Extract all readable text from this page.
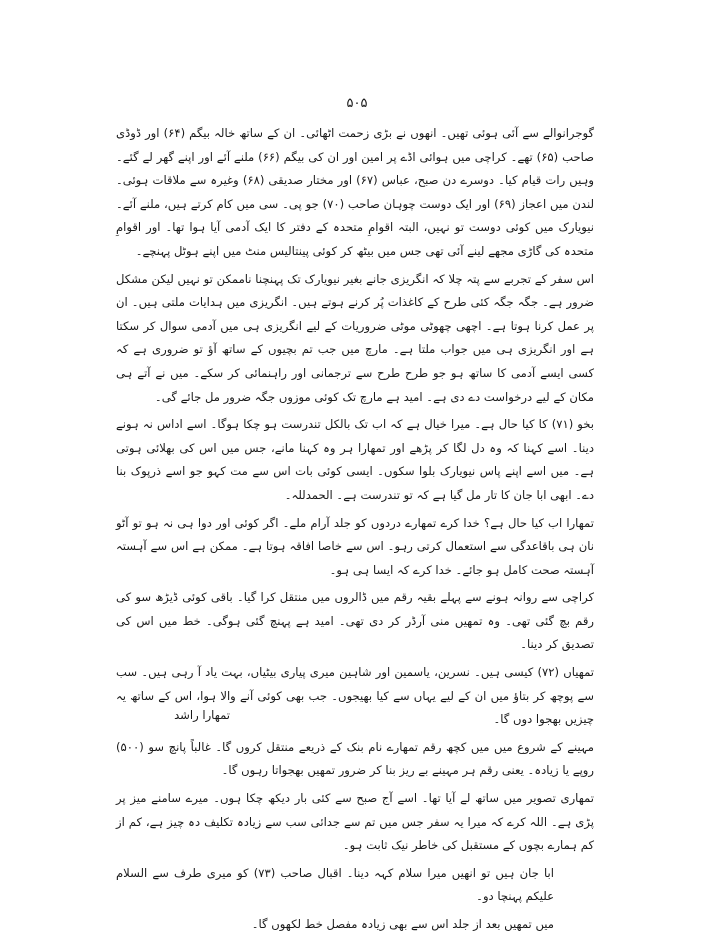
۵۰۵

گوجرانوالے سے آئی ہوئی تھیں۔ انھوں نے بڑی زحمت اٹھائی۔ ان کے ساتھ خالہ بیگم (۶۴) اور ڈوڈی صاحب (۶۵) تھے۔ کراچی میں ہوائی اڈے پر امین اور ان کی بیگم (۶۶) ملنے آئے اور اپنے گھر لے گئے۔ وہیں رات قیام کیا۔ دوسرے دن صبح، عباس (۶۷) اور مختار صدیقی (۶۸) وغیرہ سے ملاقات ہوئی۔ لندن میں اعجاز (۶۹) اور ایک دوست چوہان صاحب (۷۰) جو پی۔ سی میں کام کرتے ہیں، ملنے آئے۔ نیویارک میں کوئی دوست تو نہیں، البتہ اقوامِ متحدہ کے دفتر کا ایک آدمی آیا ہوا تھا۔ اور اقوامِ متحدہ کی گاڑی مجھے لینے آئی تھی جس میں بیٹھ کر کوئی پینتالیس منٹ میں اپنے ہوٹل پہنچے۔

اس سفر کے تجربے سے پتہ چلا کہ انگریزی جانے بغیر نیویارک تک پہنچنا ناممکن تو نہیں لیکن مشکل ضرور ہے۔ جگہ جگہ کئی طرح کے کاغذات پُر کرنے ہوتے ہیں۔ انگریزی میں ہدایات ملتی ہیں۔ ان پر عمل کرنا ہوتا ہے۔ اچھی چھوٹی موٹی ضروریات کے لیے انگریزی ہی میں آدمی سوال کر سکتا ہے اور انگریزی ہی میں جواب ملتا ہے۔ مارچ میں جب تم بچیوں کے ساتھ آؤ تو ضروری ہے کہ کسی ایسے آدمی کا ساتھ ہو جو طرح طرح سے ترجمانی اور راہنمائی کر سکے۔ میں نے آتے ہی مکان کے لیے درخواست دے دی ہے۔ امید ہے مارچ تک کوئی موزوں جگہ ضرور مل جائے گی۔

بخو (۷۱) کا کیا حال ہے۔ میرا خیال ہے کہ اب تک بالکل تندرست ہو چکا ہوگا۔ اسے اداس نہ ہونے دینا۔ اسے کہنا کہ وہ دل لگا کر پڑھے اور تمھارا ہر وہ کہنا مانے، جس میں اس کی بھلائی ہوتی ہے۔ میں اسے اپنے پاس نیویارک بلوا سکوں۔ ایسی کوئی بات اس سے مت کہو جو اسے ذرپوک بنا دے۔ ابھی ابا جان کا تار مل گیا ہے کہ تو تندرست ہے۔ الحمدللہ۔

تمھارا اب کیا حال ہے؟ خدا کرے تمھارے دردوں کو جلد آرام ملے۔ اگر کوئی اور دوا ہی نہ ہو تو آٹو نان ہی باقاعدگی سے استعمال کرتی رہو۔ اس سے خاصا افاقہ ہوتا ہے۔ ممکن ہے اس سے آہستہ آہستہ صحت کامل ہو جائے۔ خدا کرے کہ ایسا ہی ہو۔

کراچی سے روانہ ہونے سے پہلے بقیہ رقم میں ڈالروں میں منتقل کرا گیا۔ باقی کوئی ڈیڑھ سو کی رقم بچ گئی تھی۔ وہ تمھیں منی آرڈر کر دی تھی۔ امید ہے پہنچ گئی ہوگی۔ خط میں اس کی تصدیق کر دینا۔

تمھیاں (۷۲) کیسی ہیں۔ نسرین، یاسمین اور شاہین میری پیاری بیٹیاں، بہت یاد آ رہی ہیں۔ سب سے پوچھ کر بتاؤ میں ان کے لیے یہاں سے کیا بھیجوں۔ جب بھی کوئی آنے والا ہوا، اس کے ساتھ یہ چیزیں بھجوا دوں گا۔

مہینے کے شروع میں میں کچھ رقم تمھارے نام بنک کے ذریعے منتقل کروں گا۔ غالباً پانچ سو (۵۰۰) روپے یا زیادہ۔ یعنی رقم ہر مہینے بے ریز بنا کر ضرور تمھیں بھجواتا رہوں گا۔

تمھاری تصویر میں ساتھ لے آیا تھا۔ اسے آج صبح سے کئی بار دیکھ چکا ہوں۔ میرے سامنے میز پر پڑی ہے۔ اللہ کرے کہ میرا یہ سفر جس میں تم سے جدائی سب سے زیادہ تکلیف دہ چیز ہے، کم از کم ہمارے بچوں کے مستقبل کی خاطر نیک ثابت ہو۔

ابا جان ہیں تو انھیں میرا سلام کہہ دینا۔ اقبال صاحب (۷۳) کو میری طرف سے السلام علیکم پہنچا دو۔

میں تمھیں بعد از جلد اس سے بھی زیادہ مفصل خط لکھوں گا۔

تمھارا راشد
